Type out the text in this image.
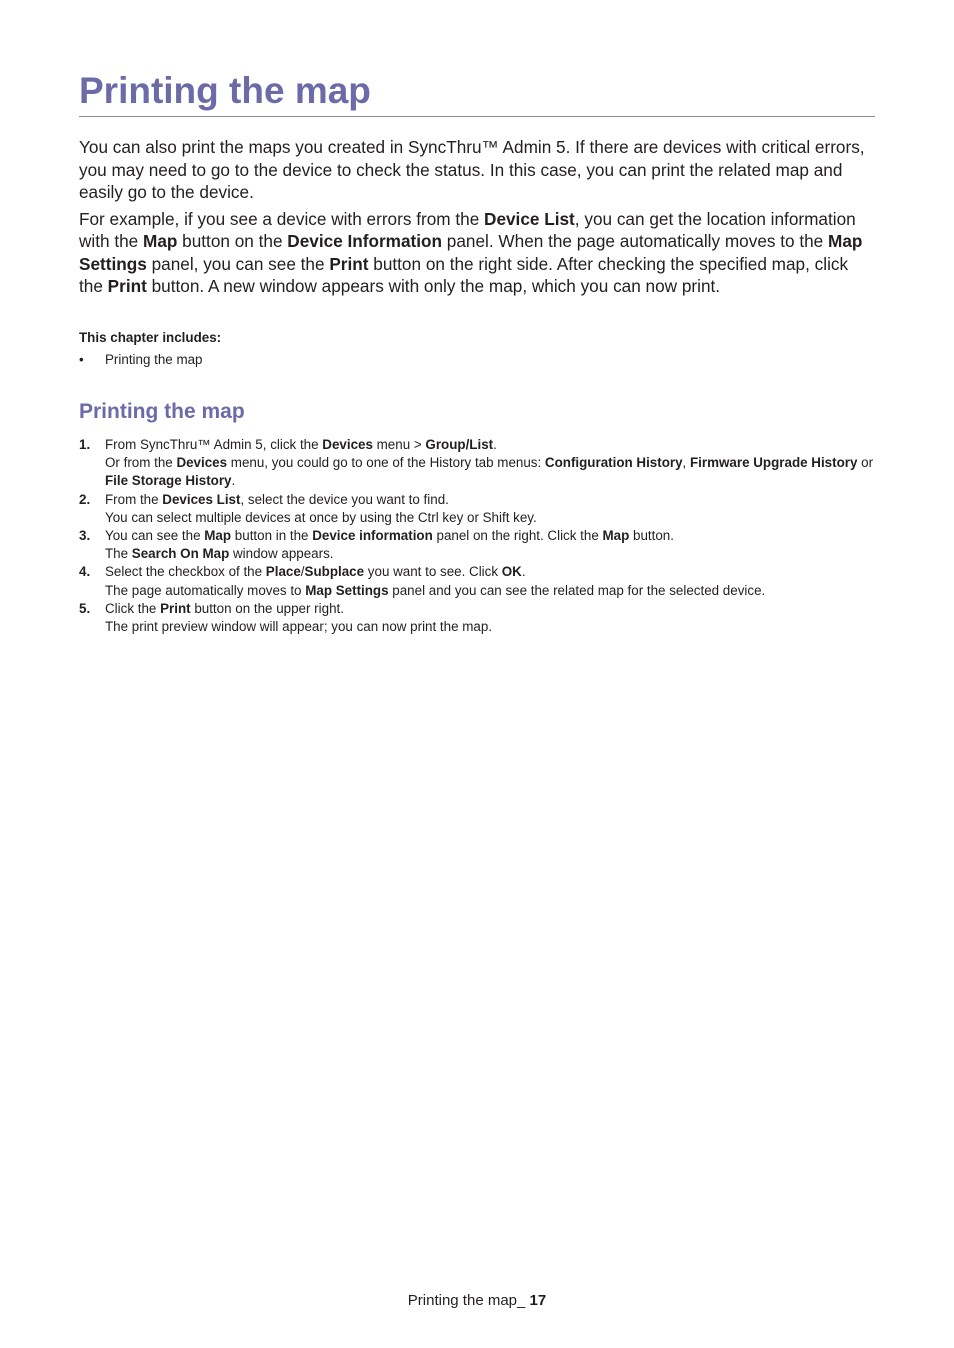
Printing the map

You can also print the maps you created in SyncThru™ Admin 5. If there are devices with critical errors, you may need to go to the device to check the status. In this case, you can print the related map and easily go to the device.

For example, if you see a device with errors from the Device List, you can get the location information with the Map button on the Device Information panel. When the page automatically moves to the Map Settings panel, you can see the Print button on the right side. After checking the specified map, click the Print button. A new window appears with only the map, which you can now print.

This chapter includes:
• Printing the map
Printing the map
1. From SyncThru™ Admin 5, click the Devices menu > Group/List.
Or from the Devices menu, you could go to one of the History tab menus: Configuration History, Firmware Upgrade History or File Storage History.
2. From the Devices List, select the device you want to find.
You can select multiple devices at once by using the Ctrl key or Shift key.
3. You can see the Map button in the Device information panel on the right. Click the Map button.
The Search On Map window appears.
4. Select the checkbox of the Place/Subplace you want to see. Click OK.
The page automatically moves to Map Settings panel and you can see the related map for the selected device.
5. Click the Print button on the upper right.
The print preview window will appear; you can now print the map.
Printing the map_ 17
